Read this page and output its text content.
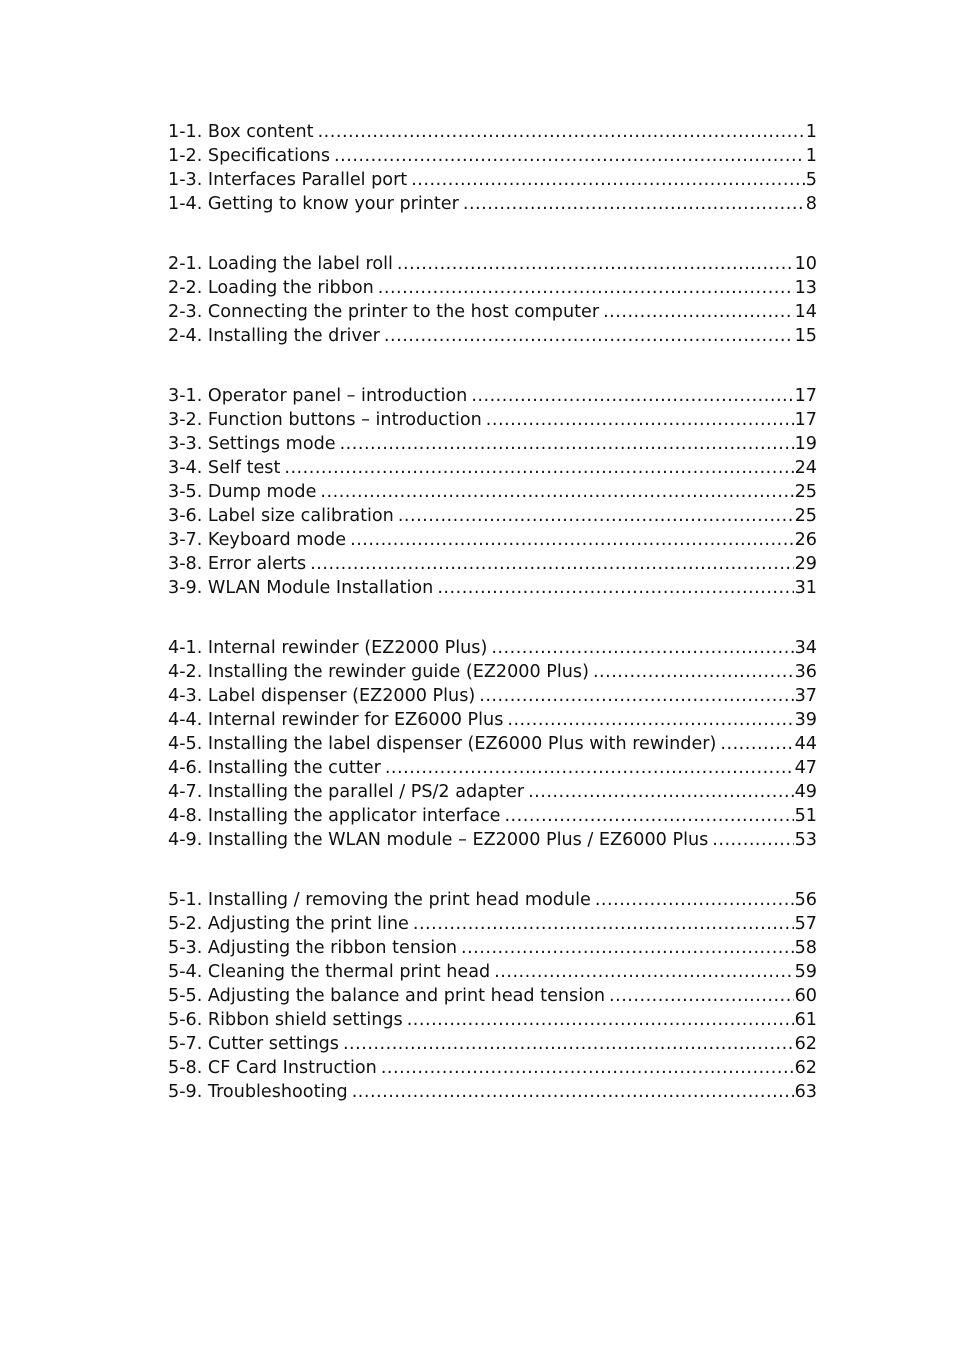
1-1. Box content .....	1
1-2. Specifications .....	1
1-3. Interfaces Parallel port .....	5
1-4. Getting to know your printer .....	8
2-1. Loading the label roll .....	10
2-2. Loading the ribbon .....	13
2-3. Connecting the printer to the host computer .....	14
2-4. Installing the driver .....	15
3-1. Operator panel – introduction .....	17
3-2. Function buttons – introduction .....	17
3-3. Settings mode .....	19
3-4. Self test .....	24
3-5. Dump mode .....	25
3-6. Label size calibration .....	25
3-7. Keyboard mode .....	26
3-8. Error alerts .....	29
3-9. WLAN Module Installation .....	31
4-1. Internal rewinder (EZ2000 Plus) .....	34
4-2. Installing the rewinder guide (EZ2000 Plus) .....	36
4-3. Label dispenser (EZ2000 Plus) .....	37
4-4. Internal rewinder for EZ6000 Plus .....	39
4-5. Installing the label dispenser (EZ6000 Plus with rewinder) .....	44
4-6. Installing the cutter .....	47
4-7. Installing the parallel / PS/2 adapter .....	49
4-8. Installing the applicator interface .....	51
4-9. Installing the WLAN module – EZ2000 Plus / EZ6000 Plus .....	53
5-1. Installing / removing the print head module .....	56
5-2. Adjusting the print line .....	57
5-3. Adjusting the ribbon tension .....	58
5-4. Cleaning the thermal print head .....	59
5-5. Adjusting the balance and print head tension .....	60
5-6. Ribbon shield settings .....	61
5-7. Cutter settings .....	62
5-8. CF Card Instruction .....	62
5-9. Troubleshooting .....	63
